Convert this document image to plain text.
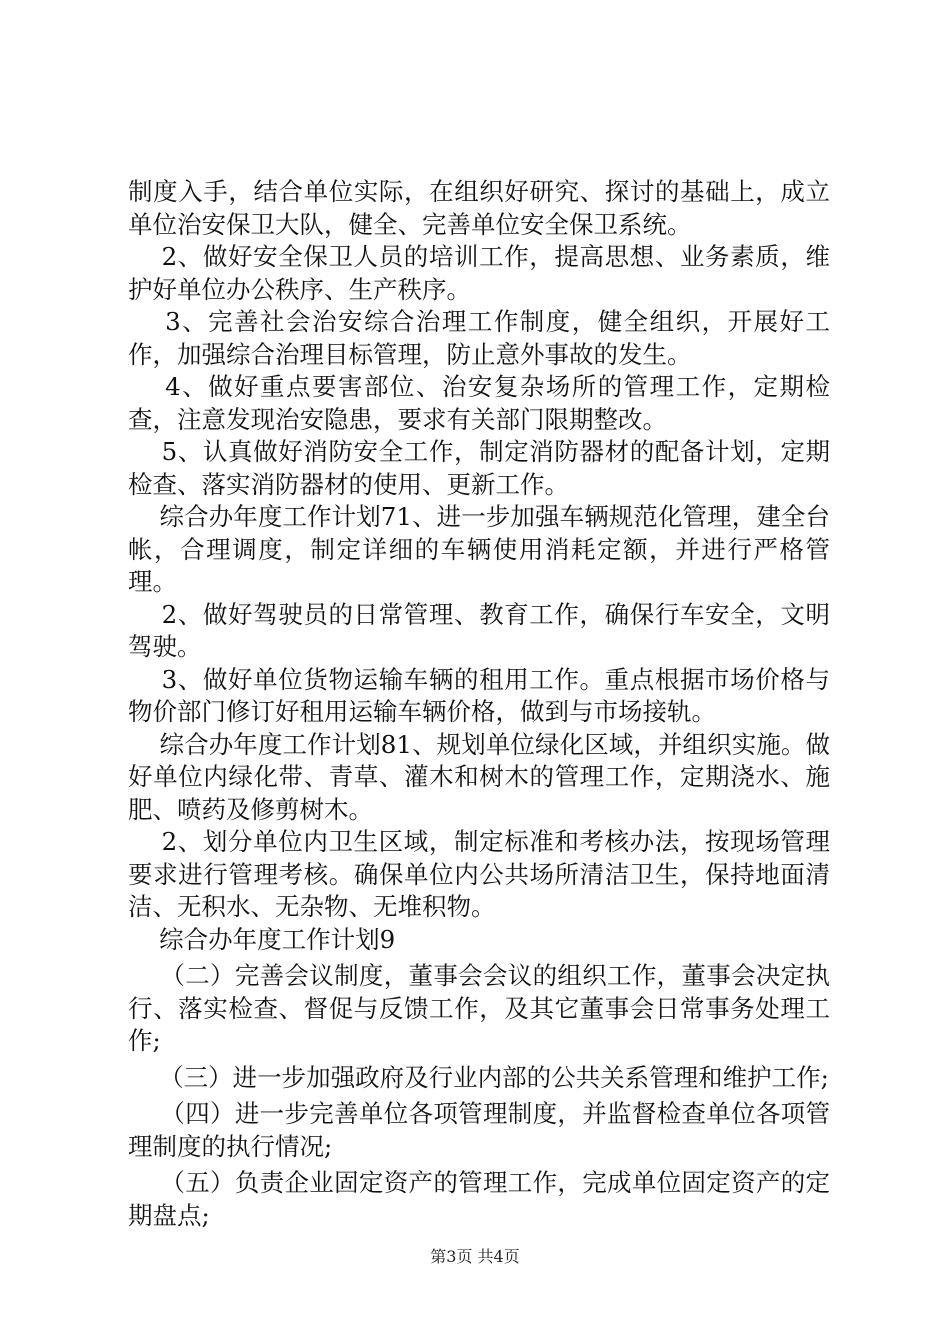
制度入手，结合单位实际，在组织好研究、探讨的基础上，成立单位治安保卫大队，健全、完善单位安全保卫系统。

2、做好安全保卫人员的培训工作，提高思想、业务素质，维护好单位办公秩序、生产秩序。

3、完善社会治安综合治理工作制度，健全组织，开展好工作，加强综合治理目标管理，防止意外事故的发生。

4、做好重点要害部位、治安复杂场所的管理工作，定期检查，注意发现治安隐患，要求有关部门限期整改。

5、认真做好消防安全工作，制定消防器材的配备计划，定期检查、落实消防器材的使用、更新工作。

综合办年度工作计划71、进一步加强车辆规范化管理，建全台帐，合理调度，制定详细的车辆使用消耗定额，并进行严格管理。

2、做好驾驶员的日常管理、教育工作，确保行车安全，文明驾驶。

3、做好单位货物运输车辆的租用工作。重点根据市场价格与物价部门修订好租用运输车辆价格，做到与市场接轨。

综合办年度工作计划81、规划单位绿化区域，并组织实施。做好单位内绿化带、青草、灌木和树木的管理工作，定期浇水、施肥、喷药及修剪树木。

2、划分单位内卫生区域，制定标准和考核办法，按现场管理要求进行管理考核。确保单位内公共场所清洁卫生，保持地面清洁、无积水、无杂物、无堆积物。

综合办年度工作计划9

（二）完善会议制度，董事会会议的组织工作，董事会决定执行、落实检查、督促与反馈工作，及其它董事会日常事务处理工作;

（三）进一步加强政府及行业内部的公共关系管理和维护工作;

（四）进一步完善单位各项管理制度，并监督检查单位各项管理制度的执行情况;

（五）负责企业固定资产的管理工作，完成单位固定资产的定期盘点;

第3页 共4页
